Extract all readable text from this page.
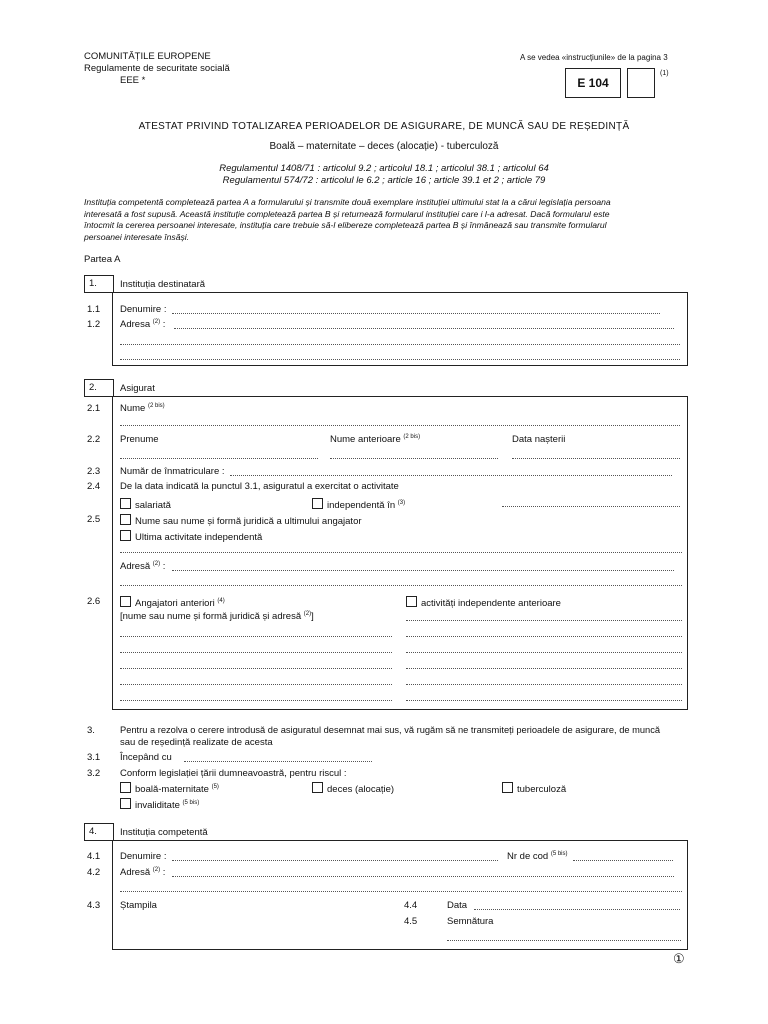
COMUNITĂȚILE EUROPENE
Regulamente de securitate socială
EEE *
A se vedea «instrucțiunile» de la pagina 3
E 104
(1)
ATESTAT PRIVIND TOTALIZAREA PERIOADELOR DE ASIGURARE, DE MUNCĂ SAU DE REȘEDINȚĂ
Boală – maternitate – deces (alocație) - tuberculoză
Regulamentul 1408/71 : articolul 9.2 ; articolul 18.1 ; articolul 38.1 ; articolul 64
Regulamentul 574/72 : articolul le 6.2 ; article 16 ; article 39.1 et 2 ; article 79
Instituția competentă completează partea A a formularului și transmite două exemplare instituției ultimului stat la a cărui legislația persoana
interesată a fost supusă. Această instituție completează partea B și returnează formularul instituției care i l-a adresat. Dacă formularul este
întocmit la cererea persoanei interesate, instituția care trebuie să-l elibereze completează partea B și înmânează sau transmite formularul
persoanei interesate însăși.
Partea A
1.	Instituția destinatară
1.1 Denumire :
1.2 Adresa $^{(2)}$ :
2.	Asigurat
2.1 Nume $^{(2 bis)}$
2.2 Prenume	Nume anterioare $^{(2 bis)}$	Data nașterii
2.3 Număr de înmatriculare :
2.4 De la data indicată la punctul 3.1, asiguratul a exercitat o activitate
salariată	independentă în $^{(3)}$
2.5	Nume sau nume și formă juridică a ultimului angajator
Ultima activitate independentă
Adresă $^{(2)}$ :
2.6	Angajatori anteriori $^{(4)}$	activități independente anterioare
[nume sau nume și formă juridică și adresă $^{(2)}$]
3.	Pentru a rezolva o cerere introdusă de asiguratul desemnat mai sus, vă rugăm să ne transmiteți perioadele de asigurare, de muncă
sau de reședință realizate de acesta
3.1 Începând cu
3.2 Conform legislației țării dumneavoastră, pentru riscul :
boală-maternitate $^{(5)}$	deces (alocație)	tuberculoză
invaliditate $^{(5 bis)}$
4.	Instituția competentă
4.1 Denumire :	Nr de cod $^{(5 bis)}$
4.2 Adresă $^{(2)}$ :
4.3 Ștampila	4.4	Data
4.5	Semnătura
①
